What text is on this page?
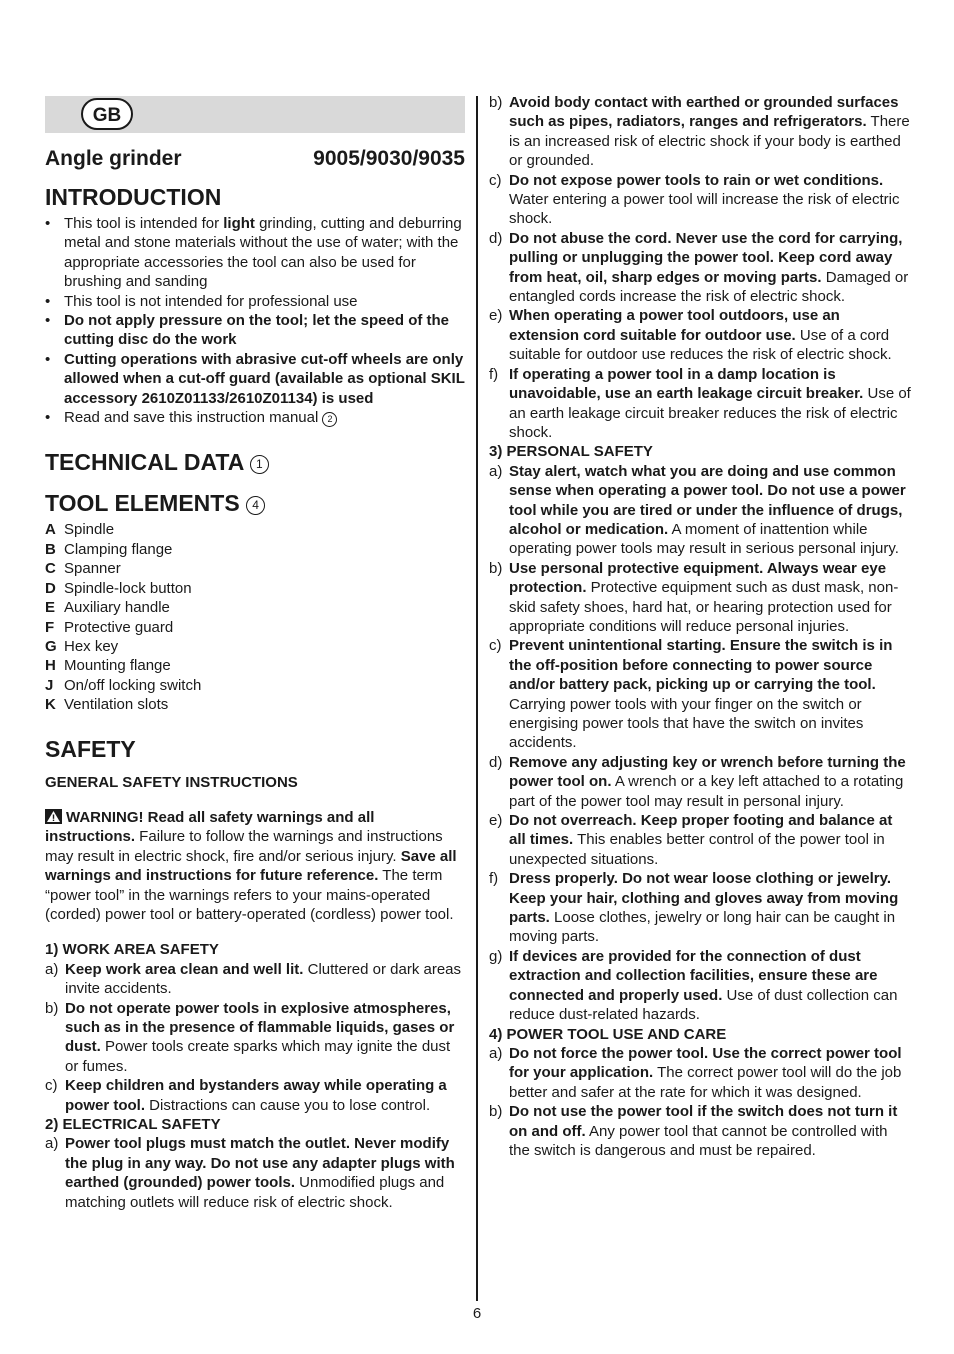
GB
Angle grinder	9005/9030/9035
INTRODUCTION
• This tool is intended for light grinding, cutting and deburring metal and stone materials without the use of water; with the appropriate accessories the tool can also be used for brushing and sanding
• This tool is not intended for professional use
• Do not apply pressure on the tool; let the speed of the cutting disc do the work
• Cutting operations with abrasive cut-off wheels are only allowed when a cut-off guard (available as optional SKIL accessory 2610Z01133/2610Z01134) is used
• Read and save this instruction manual 2
TECHNICAL DATA 1
TOOL ELEMENTS 4
A Spindle
B Clamping flange
C Spanner
D Spindle-lock button
E Auxiliary handle
F Protective guard
G Hex key
H Mounting flange
J On/off locking switch
K Ventilation slots
SAFETY
GENERAL SAFETY INSTRUCTIONS
WARNING! Read all safety warnings and all instructions. Failure to follow the warnings and instructions may result in electric shock, fire and/or serious injury. Save all warnings and instructions for future reference. The term “power tool” in the warnings refers to your mains-operated (corded) power tool or battery-operated (cordless) power tool.
1) WORK AREA SAFETY
a) Keep work area clean and well lit. Cluttered or dark areas invite accidents.
b) Do not operate power tools in explosive atmospheres, such as in the presence of flammable liquids, gases or dust. Power tools create sparks which may ignite the dust or fumes.
c) Keep children and bystanders away while operating a power tool. Distractions can cause you to lose control.
2) ELECTRICAL SAFETY
a) Power tool plugs must match the outlet. Never modify the plug in any way. Do not use any adapter plugs with earthed (grounded) power tools. Unmodified plugs and matching outlets will reduce risk of electric shock.
b) Avoid body contact with earthed or grounded surfaces such as pipes, radiators, ranges and refrigerators. There is an increased risk of electric shock if your body is earthed or grounded.
c) Do not expose power tools to rain or wet conditions. Water entering a power tool will increase the risk of electric shock.
d) Do not abuse the cord. Never use the cord for carrying, pulling or unplugging the power tool. Keep cord away from heat, oil, sharp edges or moving parts. Damaged or entangled cords increase the risk of electric shock.
e) When operating a power tool outdoors, use an extension cord suitable for outdoor use. Use of a cord suitable for outdoor use reduces the risk of electric shock.
f) If operating a power tool in a damp location is unavoidable, use an earth leakage circuit breaker. Use of an earth leakage circuit breaker reduces the risk of electric shock.
3) PERSONAL SAFETY
a) Stay alert, watch what you are doing and use common sense when operating a power tool. Do not use a power tool while you are tired or under the influence of drugs, alcohol or medication. A moment of inattention while operating power tools may result in serious personal injury.
b) Use personal protective equipment. Always wear eye protection. Protective equipment such as dust mask, non-skid safety shoes, hard hat, or hearing protection used for appropriate conditions will reduce personal injuries.
c) Prevent unintentional starting. Ensure the switch is in the off-position before connecting to power source and/or battery pack, picking up or carrying the tool. Carrying power tools with your finger on the switch or energising power tools that have the switch on invites accidents.
d) Remove any adjusting key or wrench before turning the power tool on. A wrench or a key left attached to a rotating part of the power tool may result in personal injury.
e) Do not overreach. Keep proper footing and balance at all times. This enables better control of the power tool in unexpected situations.
f) Dress properly. Do not wear loose clothing or jewelry. Keep your hair, clothing and gloves away from moving parts. Loose clothes, jewelry or long hair can be caught in moving parts.
g) If devices are provided for the connection of dust extraction and collection facilities, ensure these are connected and properly used. Use of dust collection can reduce dust-related hazards.
4) POWER TOOL USE AND CARE
a) Do not force the power tool. Use the correct power tool for your application. The correct power tool will do the job better and safer at the rate for which it was designed.
b) Do not use the power tool if the switch does not turn it on and off. Any power tool that cannot be controlled with the switch is dangerous and must be repaired.
6
